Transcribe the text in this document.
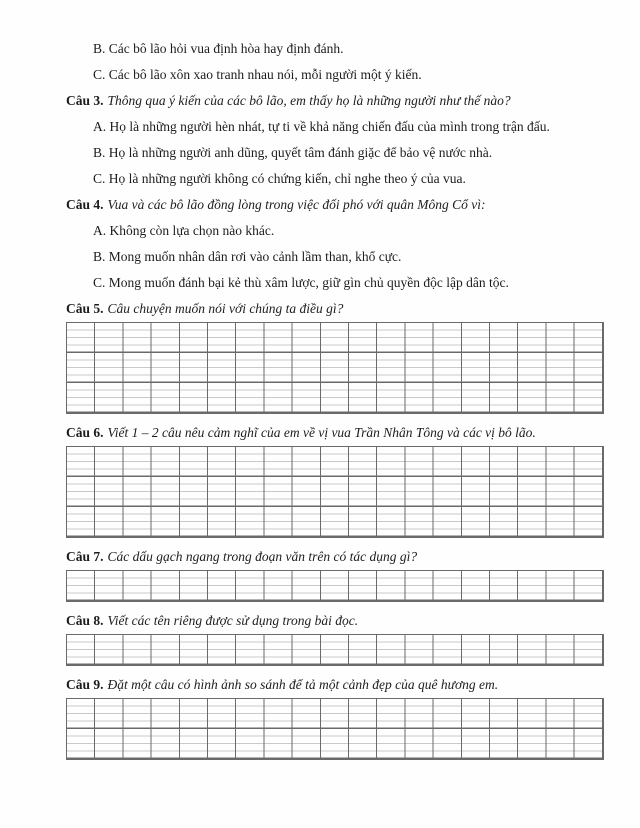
B. Các bô lão hỏi vua định hòa hay định đánh.

C. Các bô lão xôn xao tranh nhau nói, mỗi người một ý kiến.

Câu 3. Thông qua ý kiến của các bô lão, em thấy họ là những người như thế nào?

A. Họ là những người hèn nhát, tự ti về khả năng chiến đấu của mình trong trận đấu.

B. Họ là những người anh dũng, quyết tâm đánh giặc để bảo vệ nước nhà.

C. Họ là những người không có chứng kiến, chỉ nghe theo ý của vua.

Câu 4. Vua và các bô lão đồng lòng trong việc đối phó với quân Mông Cổ vì:

A. Không còn lựa chọn nào khác.

B. Mong muốn nhân dân rơi vào cảnh lầm than, khổ cực.

C. Mong muốn đánh bại kẻ thù xâm lược, giữ gìn chủ quyền độc lập dân tộc.

Câu 5. Câu chuyện muốn nói với chúng ta điều gì?

Câu 6. Viết 1 – 2 câu nêu cảm nghĩ của em về vị vua Trần Nhân Tông và các vị bô lão.

Câu 7. Các dấu gạch ngang trong đoạn văn trên có tác dụng gì?

Câu 8. Viết các tên riêng được sử dụng trong bài đọc.

Câu 9. Đặt một câu có hình ảnh so sánh để tả một cảnh đẹp của quê hương em.
